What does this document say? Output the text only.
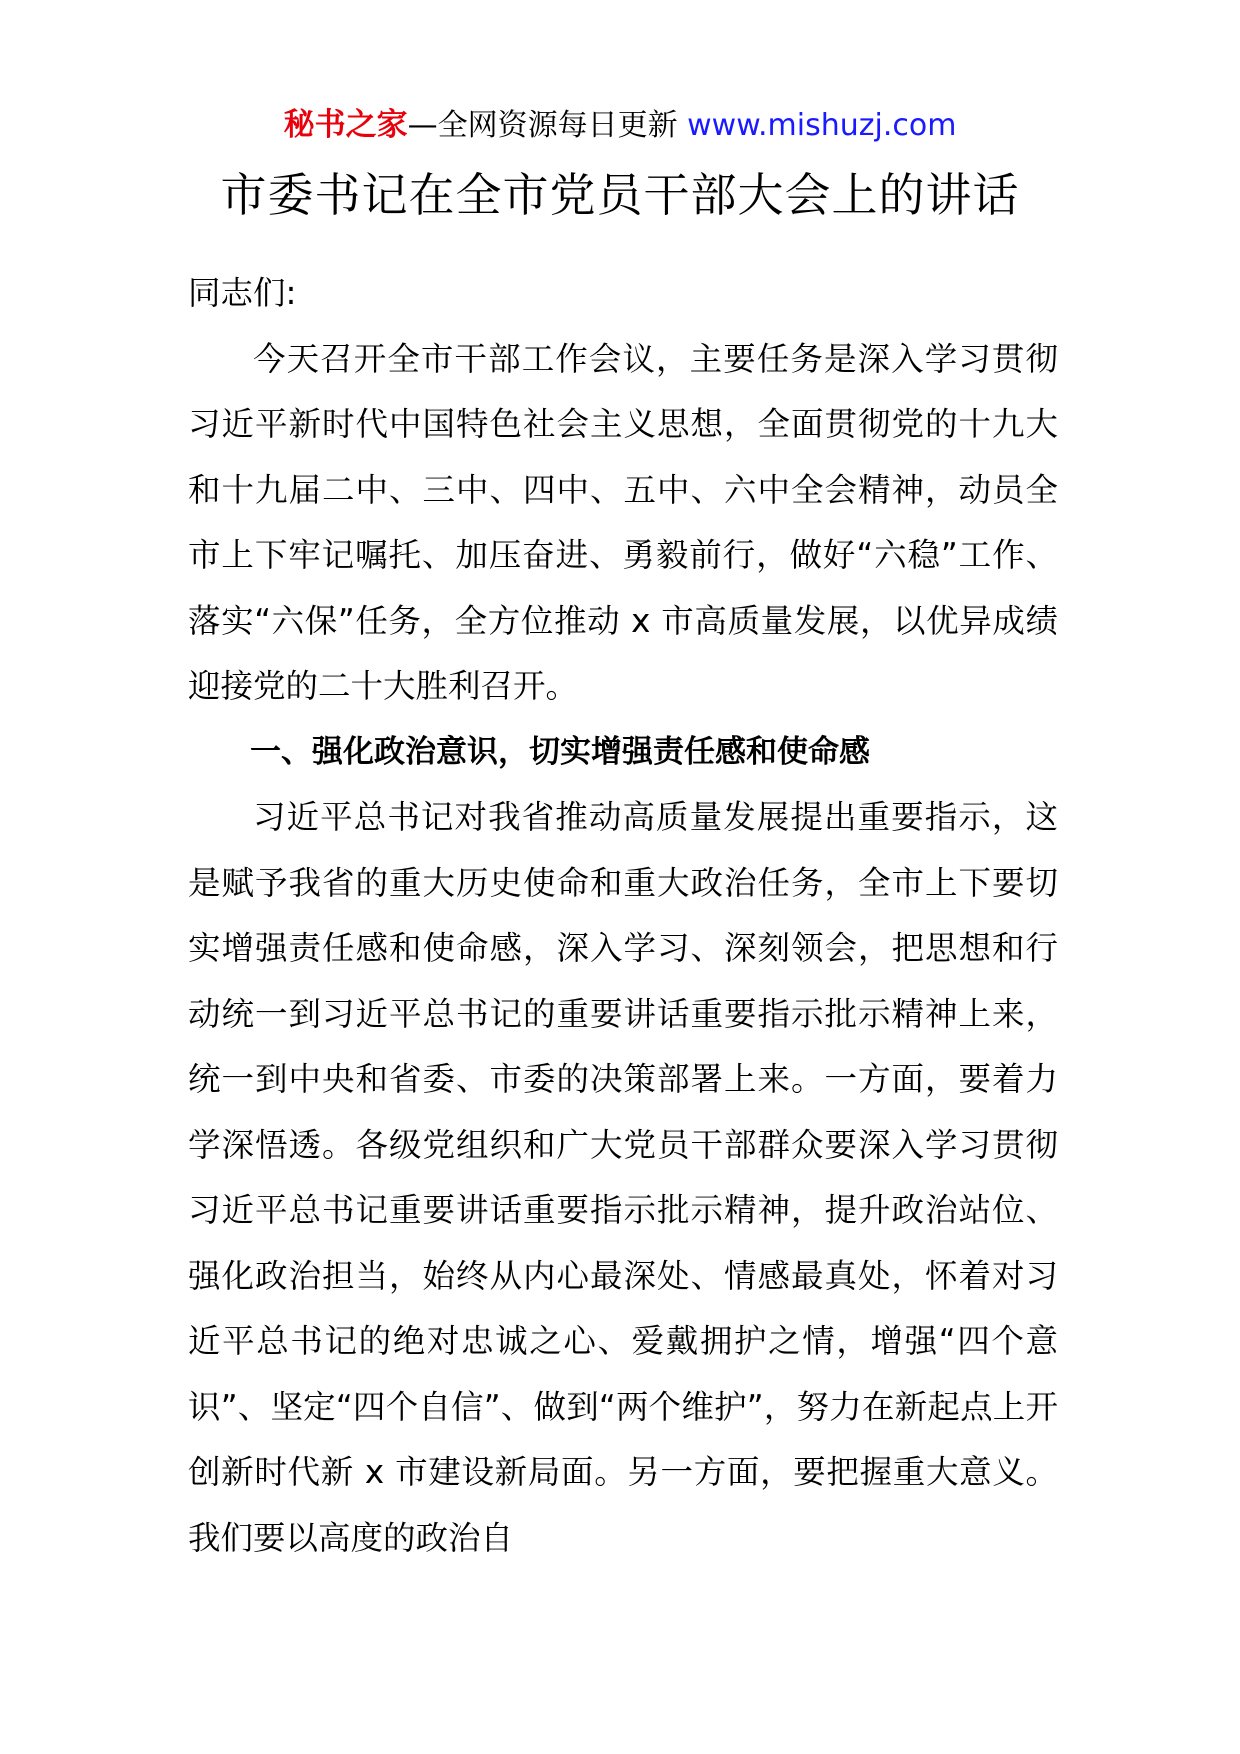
秘书之家—全网资源每日更新 www.mishuzj.com
市委书记在全市党员干部大会上的讲话

同志们:

今天召开全市干部工作会议，主要任务是深入学习贯彻习近平新时代中国特色社会主义思想，全面贯彻党的十九大和十九届二中、三中、四中、五中、六中全会精神，动员全市上下牢记嘱托、加压奋进、勇毅前行，做好“六稳”工作、落实“六保”任务，全方位推动 x 市高质量发展，以优异成绩迎接党的二十大胜利召开。

一、强化政治意识，切实增强责任感和使命感

习近平总书记对我省推动高质量发展提出重要指示，这是赋予我省的重大历史使命和重大政治任务，全市上下要切实增强责任感和使命感，深入学习、深刻领会，把思想和行动统一到习近平总书记的重要讲话重要指示批示精神上来，统一到中央和省委、市委的决策部署上来。一方面，要着力学深悟透。各级党组织和广大党员干部群众要深入学习贯彻习近平总书记重要讲话重要指示批示精神，提升政治站位、强化政治担当，始终从内心最深处、情感最真处，怀着对习近平总书记的绝对忠诚之心、爱戴拥护之情，增强“四个意识”、坚定“四个自信”、做到“两个维护”，努力在新起点上开创新时代新 x 市建设新局面。另一方面，要把握重大意义。我们要以高度的政治自
